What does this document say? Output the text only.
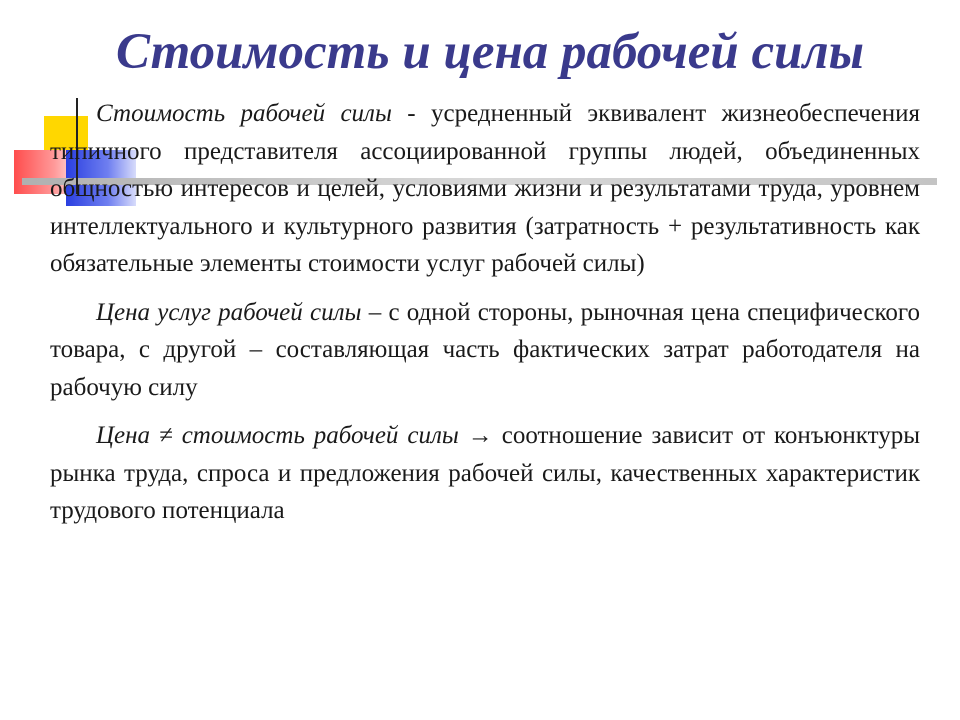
Стоимость и цена рабочей силы

Стоимость рабочей силы - усредненный эквивалент жизнеобеспечения типичного представителя ассоциированной группы людей, объединенных общностью интересов и целей, условиями жизни и результатами труда, уровнем интеллектуального и культурного развития (затратность + результативность как обязательные элементы стоимости услуг рабочей силы)

Цена услуг рабочей силы – с одной стороны, рыночная цена специфического товара, с другой – составляющая часть фактических затрат работодателя на рабочую силу

Цена ≠ стоимость рабочей силы → соотношение зависит от конъюнктуры рынка труда, спроса и предложения рабочей силы, качественных характеристик трудового потенциала
